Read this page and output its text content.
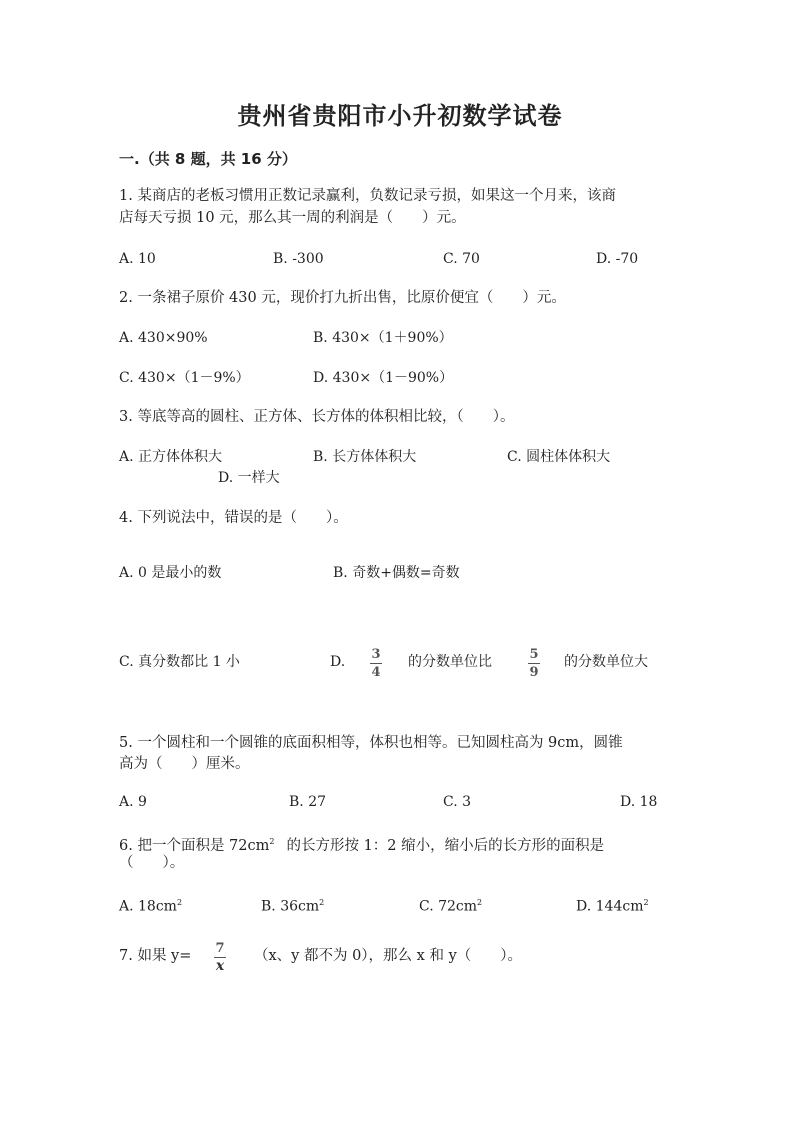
贵州省贵阳市小升初数学试卷
一.（共 8 题，共 16 分）
1. 某商店的老板习惯用正数记录赢利，负数记录亏损，如果这一个月来，该商
店每天亏损 10 元，那么其一周的利润是（　　）元。
A. 10	B. -300	C. 70	D. -70
2. 一条裙子原价 430 元，现价打九折出售，比原价便宜（　　）元。
A. 430×90%	B. 430×（1＋90%）
C. 430×（1－9%）	D. 430×（1－90%）
3. 等底等高的圆柱、正方体、长方体的体积相比较，（　　）。
A. 正方体体积大	B. 长方体体积大	C. 圆柱体体积大
D. 一样大
4. 下列说法中，错误的是（　　）。
A. 0 是最小的数	B. 奇数+偶数=奇数
C. 真分数都比 1 小	D. 3
4
的分数单位比	5
9
的分数单位大
5. 一个圆柱和一个圆锥的底面积相等，体积也相等。已知圆柱高为 9cm，圆锥
高为（　　）厘米。
A. 9	B. 27	C. 3	D. 18
6. 把一个面积是 $72cm^2$ 的长方形按 1：2 缩小，缩小后的长方形的面积是
（　　）。
A. $18cm^2$	B. $36cm^2$	C. $72cm^2$	D. $144cm^2$
7. 如果 y= 7
x
（x、y 都不为 0），那么 x 和 y（　　）。
